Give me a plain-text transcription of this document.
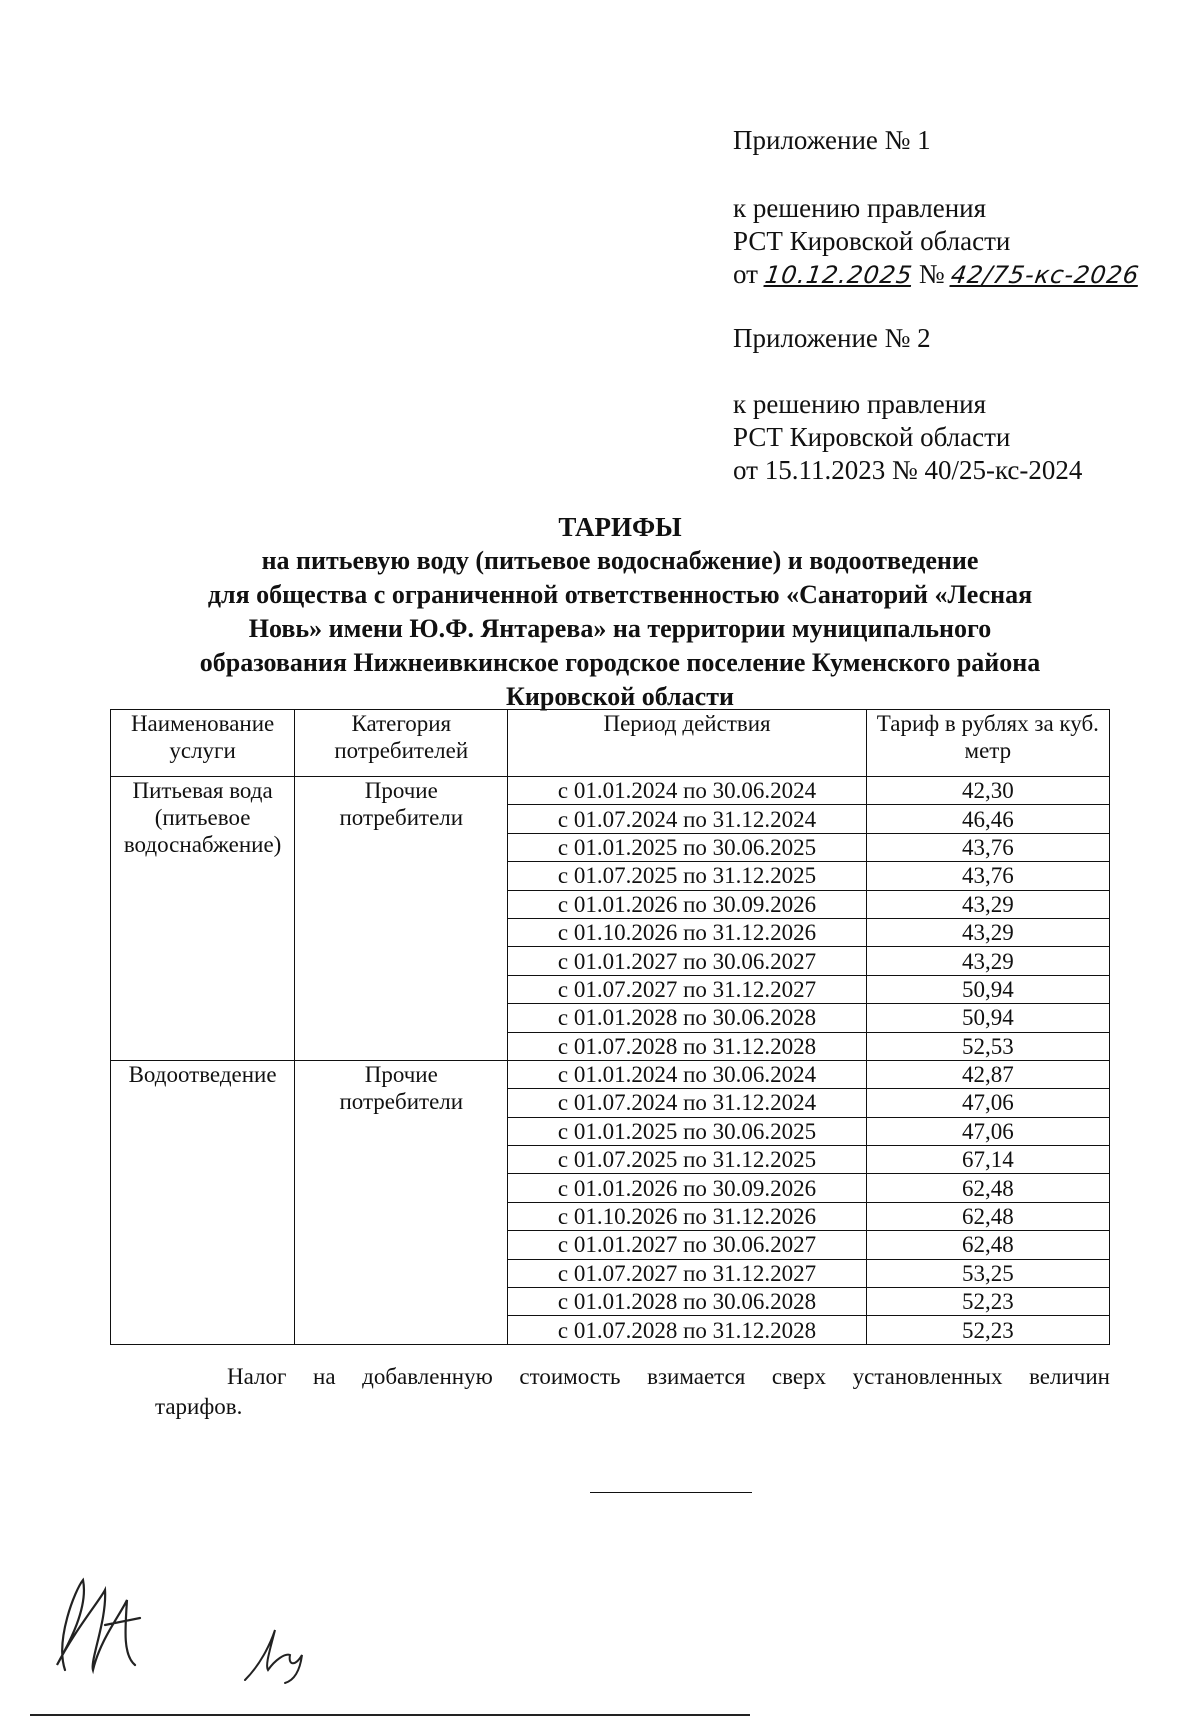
Приложение № 1
к решению правления
РСТ Кировской области
от 10.12.2025 № 42/75-кс-2026
Приложение № 2
к решению правления
РСТ Кировской области
от 15.11.2023 № 40/25-кс-2024
ТАРИФЫ
на питьевую воду (питьевое водоснабжение) и водоотведение
для общества с ограниченной ответственностью «Санаторий «Лесная
Новь» имени Ю.Ф. Янтарева» на территории муниципального
образования Нижнеивкинское городское поселение Куменского района
Кировской области
Наименование услуги	Категория потребителей	Период действия	Тариф в рублях за куб. метр
Питьевая вода (питьевое водоснабжение)	Прочие потребители	с 01.01.2024 по 30.06.2024	42,30
		с 01.07.2024 по 31.12.2024	46,46
		с 01.01.2025 по 30.06.2025	43,76
		с 01.07.2025 по 31.12.2025	43,76
		с 01.01.2026 по 30.09.2026	43,29
		с 01.10.2026 по 31.12.2026	43,29
		с 01.01.2027 по 30.06.2027	43,29
		с 01.07.2027 по 31.12.2027	50,94
		с 01.01.2028 по 30.06.2028	50,94
		с 01.07.2028 по 31.12.2028	52,53
Водоотведение	Прочие потребители	с 01.01.2024 по 30.06.2024	42,87
		с 01.07.2024 по 31.12.2024	47,06
		с 01.01.2025 по 30.06.2025	47,06
		с 01.07.2025 по 31.12.2025	67,14
		с 01.01.2026 по 30.09.2026	62,48
		с 01.10.2026 по 31.12.2026	62,48
		с 01.01.2027 по 30.06.2027	62,48
		с 01.07.2027 по 31.12.2027	53,25
		с 01.01.2028 по 30.06.2028	52,23
		с 01.07.2028 по 31.12.2028	52,23
Налог на добавленную стоимость взимается сверх установленных величин
тарифов.
